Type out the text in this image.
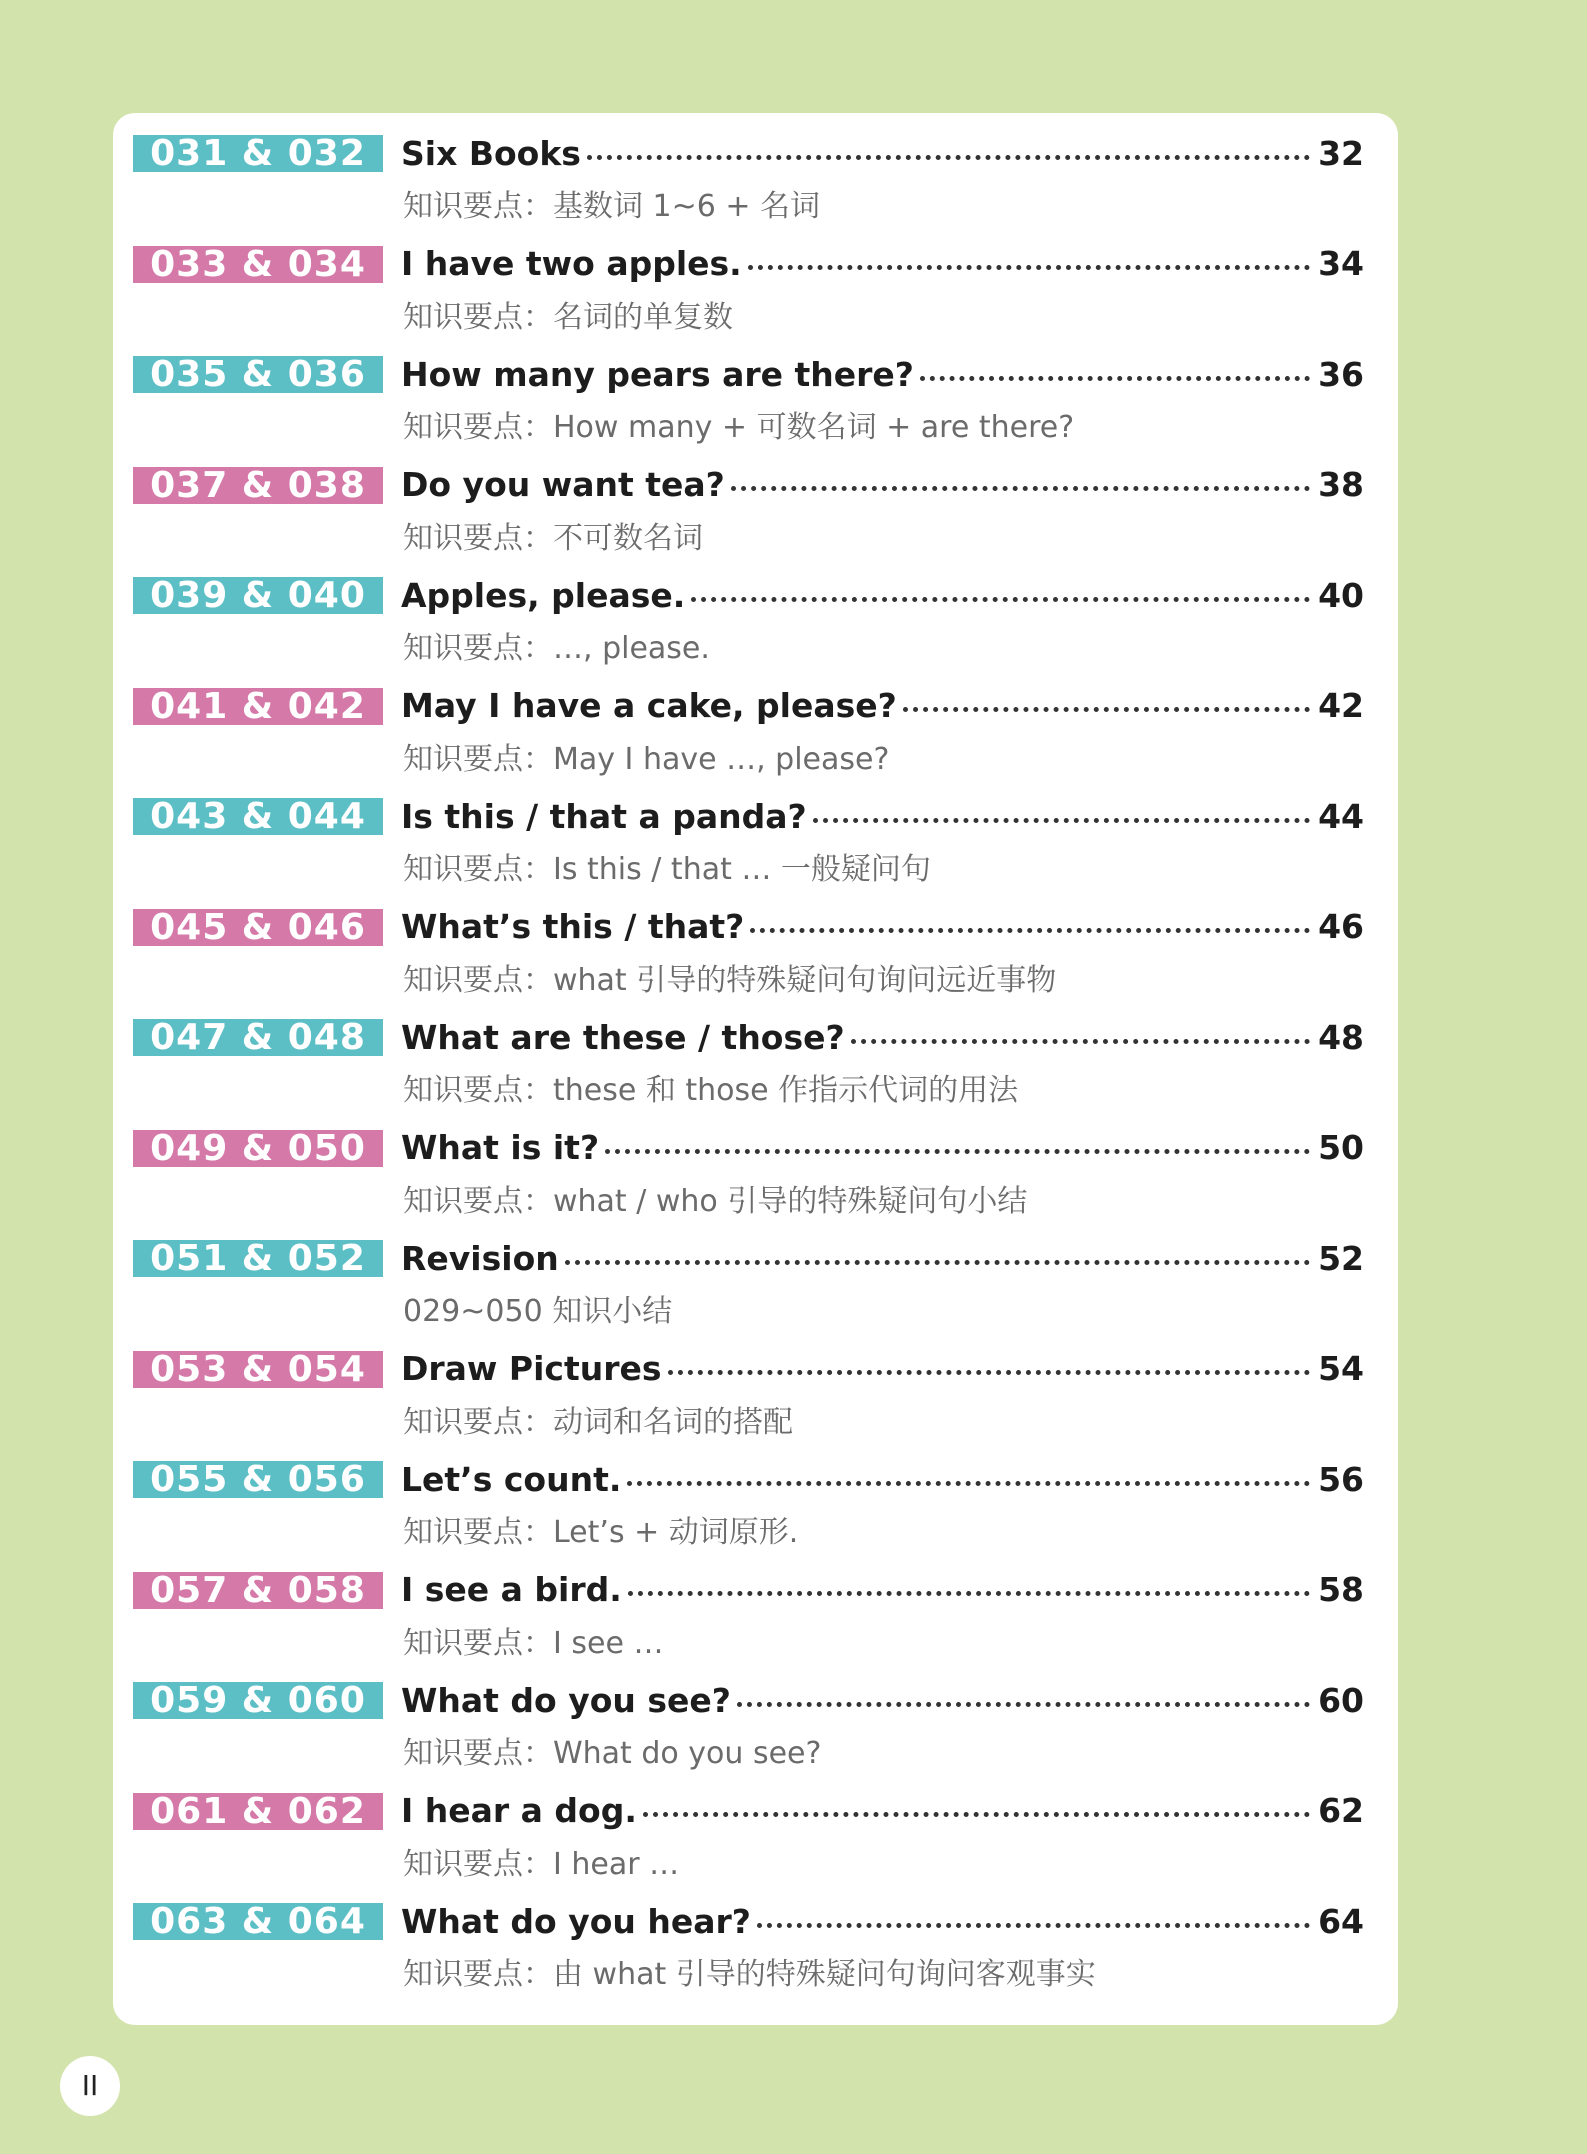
031 & 032	Six Books	32
知识要点：基数词 1~6 + 名词
033 & 034	I have two apples.	34
知识要点：名词的单复数
035 & 036	How many pears are there?	36
知识要点：How many + 可数名词 + are there?
037 & 038	Do you want tea?	38
知识要点：不可数名词
039 & 040	Apples, please.	40
知识要点：…, please.
041 & 042	May I have a cake, please?	42
知识要点：May I have …, please?
043 & 044	Is this / that a panda?	44
知识要点：Is this / that … 一般疑问句
045 & 046	What’s this / that?	46
知识要点：what 引导的特殊疑问句询问远近事物
047 & 048	What are these / those?	48
知识要点：these 和 those 作指示代词的用法
049 & 050	What is it?	50
知识要点：what / who 引导的特殊疑问句小结
051 & 052	Revision	52
029~050 知识小结
053 & 054	Draw Pictures	54
知识要点：动词和名词的搭配
055 & 056	Let’s count.	56
知识要点：Let’s + 动词原形.
057 & 058	I see a bird.	58
知识要点：I see …
059 & 060	What do you see?	60
知识要点：What do you see?
061 & 062	I hear a dog.	62
知识要点：I hear …
063 & 064	What do you hear?	64
知识要点：由 what 引导的特殊疑问句询问客观事实
II
